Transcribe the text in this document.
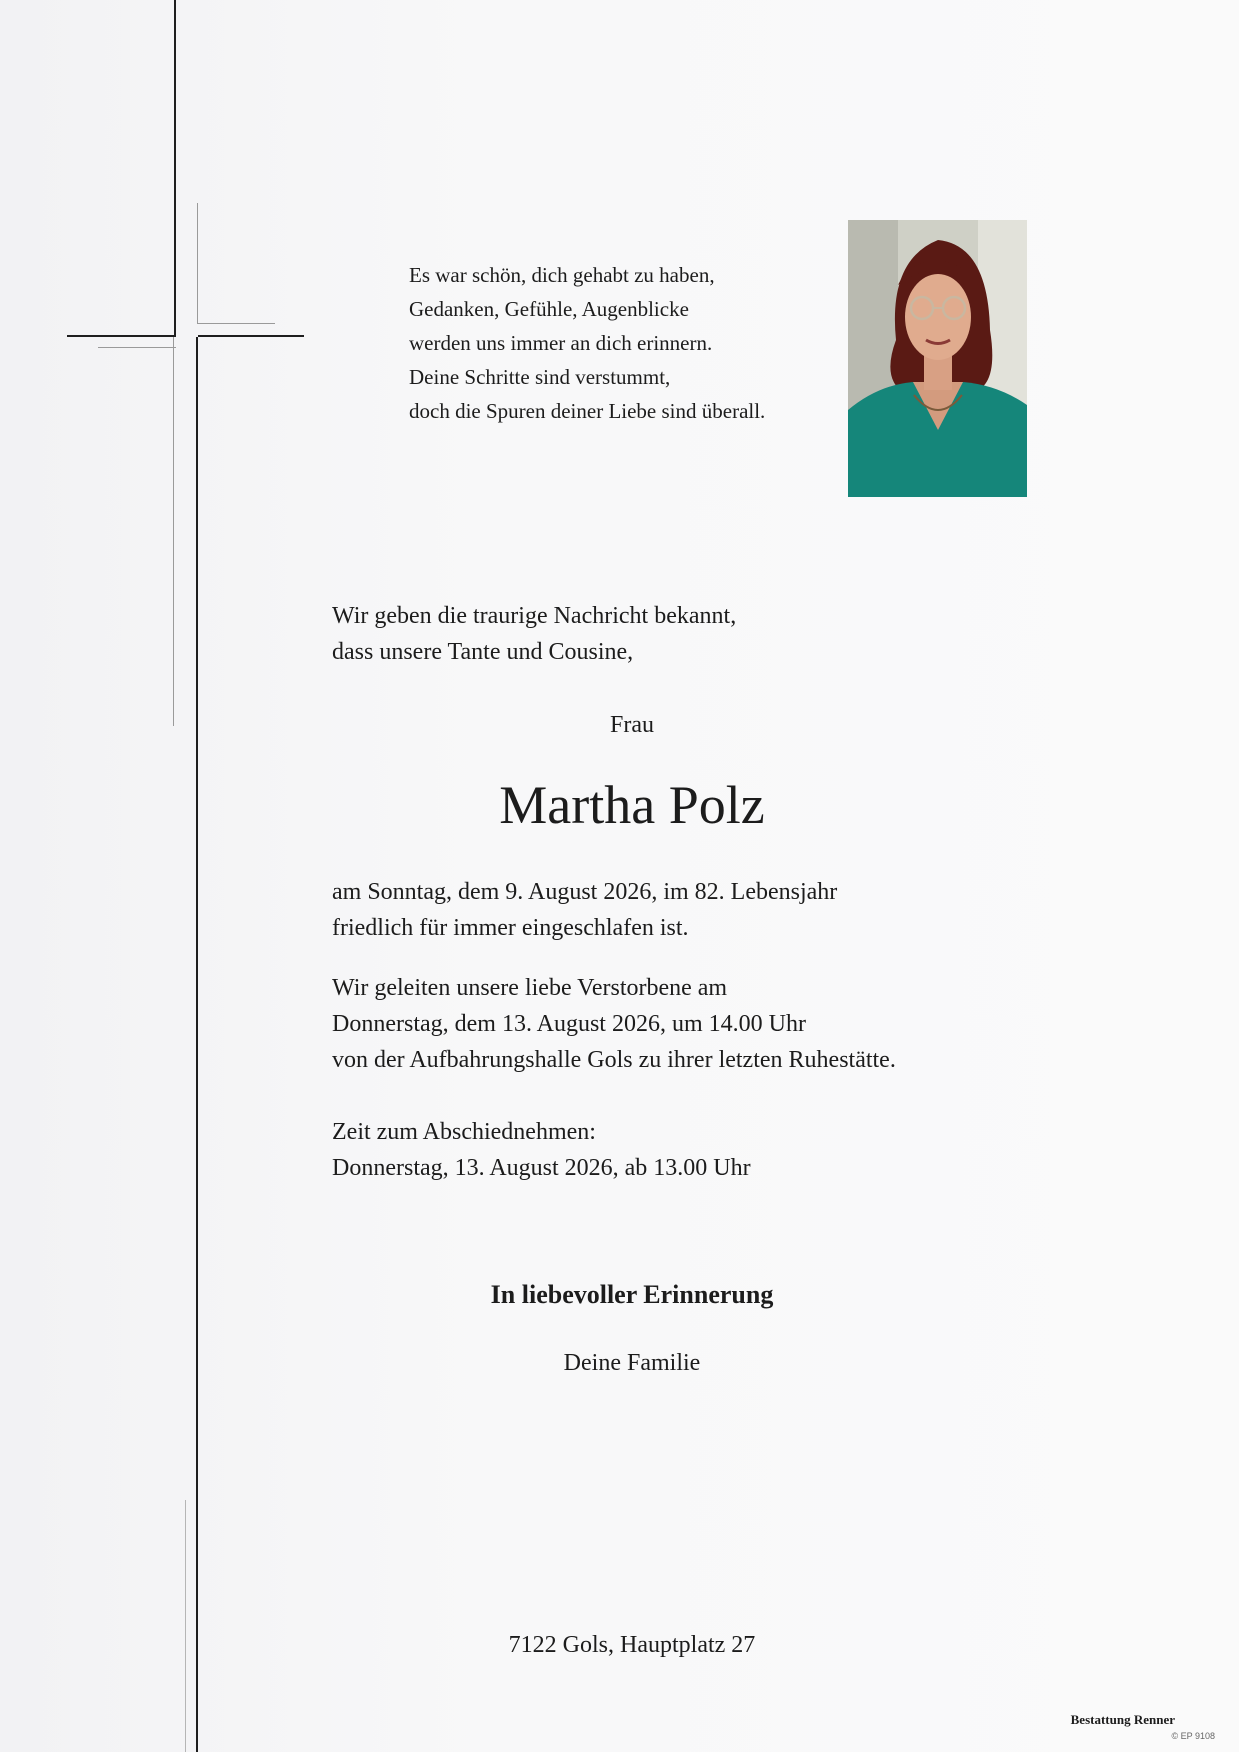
Es war schön, dich gehabt zu haben,
Gedanken, Gefühle, Augenblicke
werden uns immer an dich erinnern.
Deine Schritte sind verstummt,
doch die Spuren deiner Liebe sind überall.
Wir geben die traurige Nachricht bekannt,
dass unsere Tante und Cousine,
Frau
Martha Polz
am Sonntag, dem 9. August 2026, im 82. Lebensjahr
friedlich für immer eingeschlafen ist.
Wir geleiten unsere liebe Verstorbene am
Donnerstag, dem 13. August 2026, um 14.00 Uhr
von der Aufbahrungshalle Gols zu ihrer letzten Ruhestätte.
Zeit zum Abschiednehmen:
Donnerstag, 13. August 2026, ab 13.00 Uhr
In liebevoller Erinnerung
Deine Familie
7122 Gols, Hauptplatz 27
Bestattung Renner
© EP 9108
